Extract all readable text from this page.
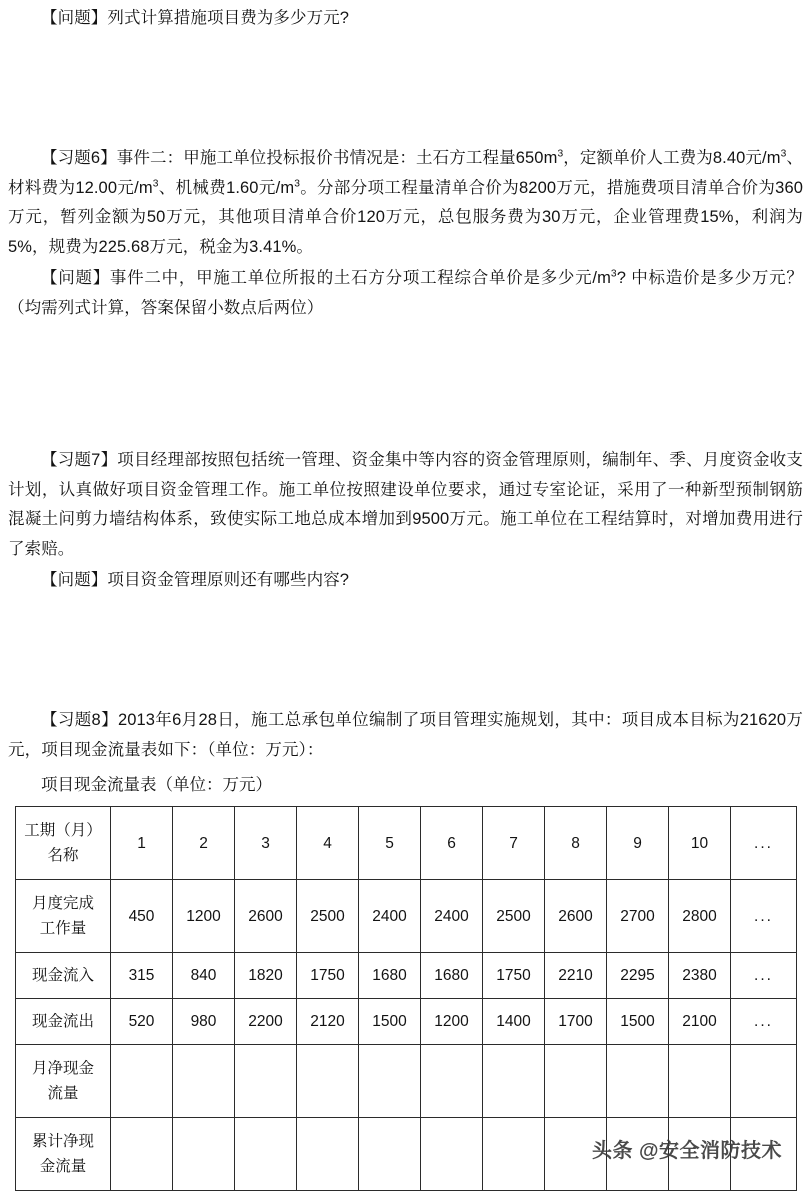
【问题】列式计算措施项目费为多少万元?
【习题6】事件二：甲施工单位投标报价书情况是：土石方工程量$650m^3$，定额单价人工费为8.40元$/m^3$、材料费为12.00元$/m^3$、机械费1.60元$/m^3$。分部分项工程量清单合价为8200万元，措施费项目清单合价为360万元，暂列金额为50万元，其他项目清单合价120万元，总包服务费为30万元，企业管理费15%，利润为5%，规费为225.68万元，税金为3.41%。
【问题】事件二中，甲施工单位所报的土石方分项工程综合单价是多少元$/m^3$? 中标造价是多少万元？（均需列式计算，答案保留小数点后两位）
【习题7】项目经理部按照包括统一管理、资金集中等内容的资金管理原则，编制年、季、月度资金收支计划，认真做好项目资金管理工作。施工单位按照建设单位要求，通过专室论证，采用了一种新型预制钢筋混凝土问剪力墙结构体系，致使实际工地总成本增加到9500万元。施工单位在工程结算时，对增加费用进行了索赔。
【问题】项目资金管理原则还有哪些内容?
【习题8】2013年6月28日，施工总承包单位编制了项目管理实施规划，其中：项目成本目标为21620万元，项目现金流量表如下：（单位：万元）：
项目现金流量表（单位：万元）
工期（月）
名称	1	2	3	4	5	6	7	8	9	10	...

月度完成
工作量	450	1200	2600	2500	2400	2400	2500	2600	2700	2800	...

现金流入	315	840	1820	1750	1680	1680	1750	2210	2295	2380	...

现金流出	520	980	2200	2120	1500	1200	1400	1700	1500	2100	...

月净现金
流量											

累计净现
金流量											

头条 @安全消防技术
